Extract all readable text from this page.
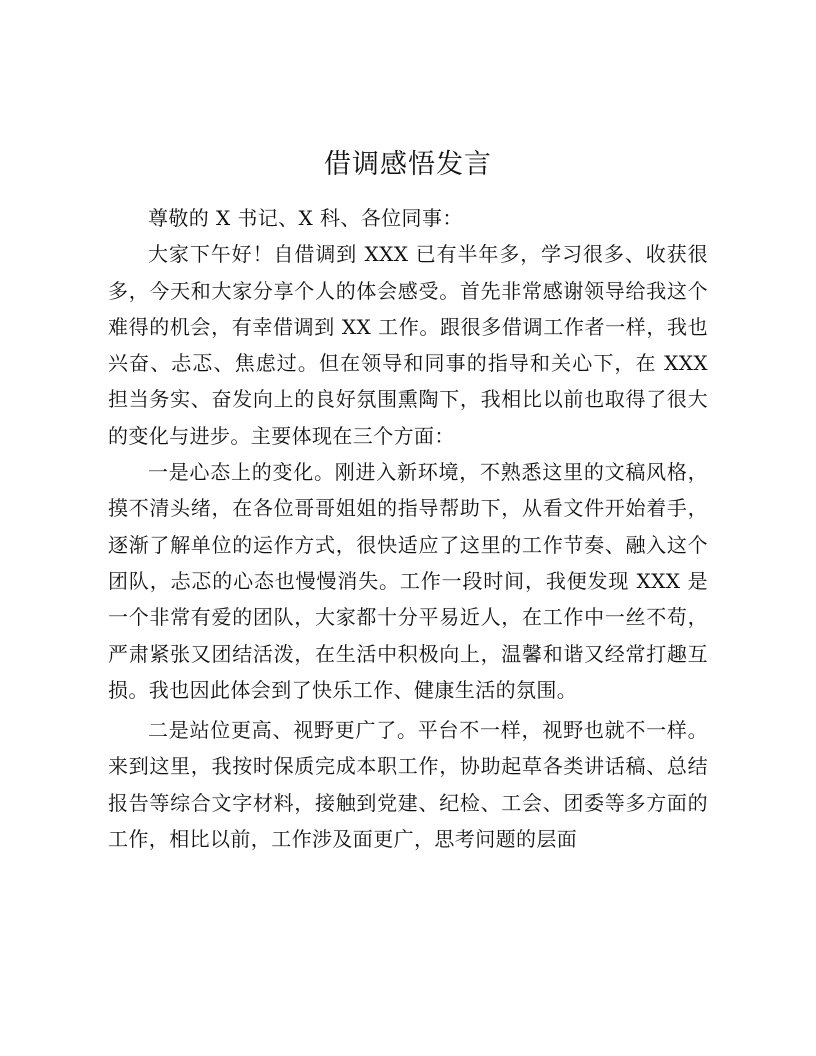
借调感悟发言

尊敬的 X 书记、X 科、各位同事：

大家下午好！自借调到 XXX 已有半年多，学习很多、收获很多，今天和大家分享个人的体会感受。首先非常感谢领导给我这个难得的机会，有幸借调到 XX 工作。跟很多借调工作者一样，我也兴奋、忐忑、焦虑过。但在领导和同事的指导和关心下，在 XXX 担当务实、奋发向上的良好氛围熏陶下，我相比以前也取得了很大的变化与进步。主要体现在三个方面：

一是心态上的变化。刚进入新环境，不熟悉这里的文稿风格，摸不清头绪，在各位哥哥姐姐的指导帮助下，从看文件开始着手，逐渐了解单位的运作方式，很快适应了这里的工作节奏、融入这个团队，忐忑的心态也慢慢消失。工作一段时间，我便发现 XXX 是一个非常有爱的团队，大家都十分平易近人，在工作中一丝不苟，严肃紧张又团结活泼，在生活中积极向上，温馨和谐又经常打趣互损。我也因此体会到了快乐工作、健康生活的氛围。

二是站位更高、视野更广了。平台不一样，视野也就不一样。来到这里，我按时保质完成本职工作，协助起草各类讲话稿、总结报告等综合文字材料，接触到党建、纪检、工会、团委等多方面的工作，相比以前，工作涉及面更广，思考问题的层面
